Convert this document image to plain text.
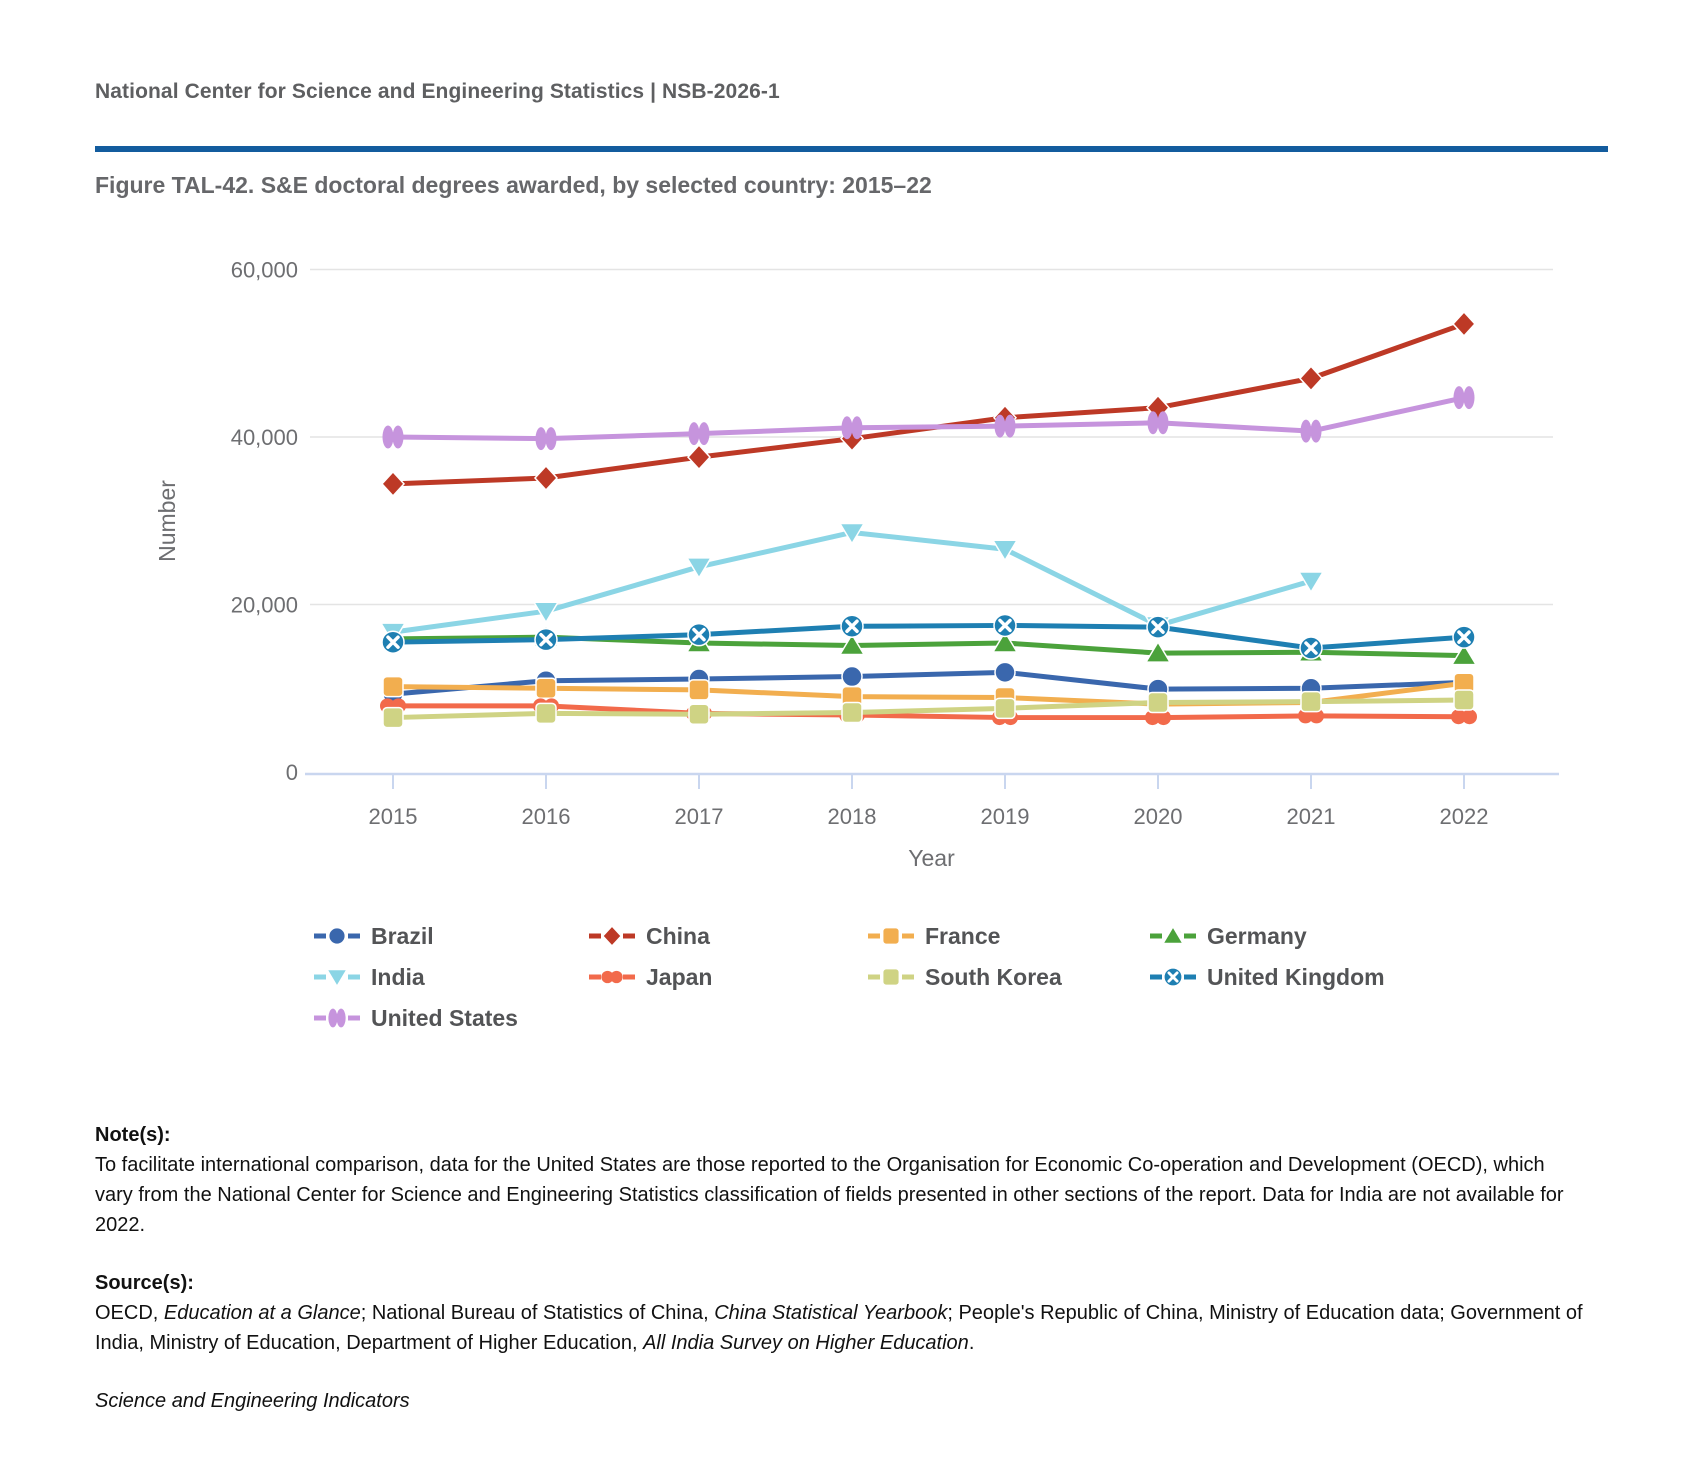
National Center for Science and Engineering Statistics | NSB-2026-1
Figure TAL-42. S&E doctoral degrees awarded, by selected country: 2015–22
0
20,000
40,000
60,000
2015	2016	2017	2018	2019	2020	2021	2022
Number
Year
Brazil	China	France	Germany
India	Japan	South Korea	United Kingdom
United States
Note(s):

To facilitate international comparison, data for the United States are those reported to the Organisation for Economic Co-operation and Development (OECD), which vary from the National Center for Science and Engineering Statistics classification of fields presented in other sections of the report. Data for India are not available for 2022.

Source(s):

OECD, Education at a Glance; National Bureau of Statistics of China, China Statistical Yearbook; People's Republic of China, Ministry of Education data; Government of India, Ministry of Education, Department of Higher Education, All India Survey on Higher Education.

Science and Engineering Indicators
